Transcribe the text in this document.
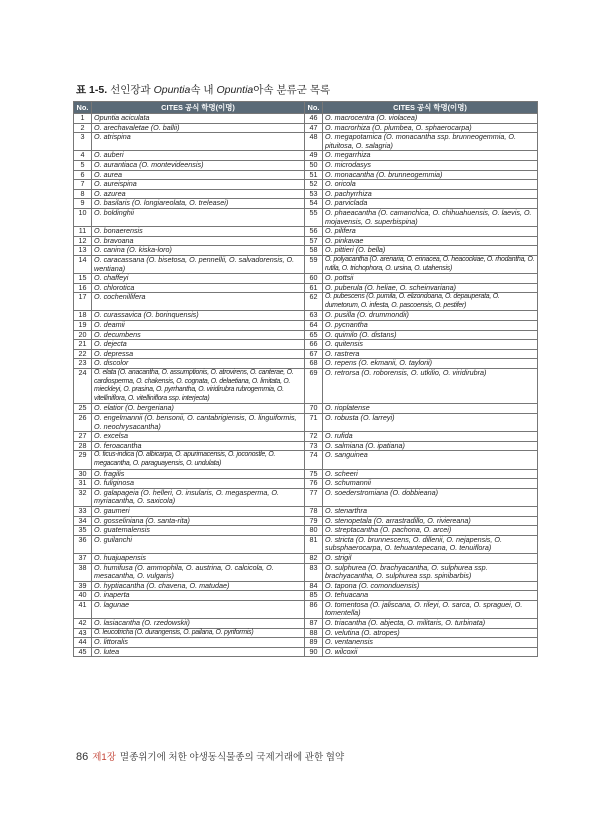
표 1-5. 선인장과 Opuntia속 내 Opuntia아속 분류군 목록
No.	CITES 공식 학명(이명)	No.	CITES 공식 학명(이명)
1	Opuntia aciculata	46	O. macrocentra (O. violacea)
2	O. arechavaletae (O. ballii)	47	O. macrorhiza (O. plumbea, O. sphaerocarpa)
3	O. atrispina	48	O. megapotamica (O. monacantha ssp. brunneogemmia, O. pituitosa, O. salagria)
4	O. auberi	49	O. megarrhiza
5	O. aurantiaca (O. montevideensis)	50	O. microdasys
6	O. aurea	51	O. monacantha (O. brunneogemmia)
7	O. aureispina	52	O. oricola
8	O. azurea	53	O. pachyrrhiza
9	O. basilaris (O. longiareolata, O. treleasei)	54	O. parviclada
10	O. boldinghii	55	O. phaeacantha (O. camanchica, O. chihuahuensis, O. laevis, O. mojavensis, O. superbispina)
11	O. bonaerensis	56	O. pilifera
12	O. bravoana	57	O. pinkavae
13	O. canina (O. kiska-loro)	58	O. pittieri (O. bella)
14	O. caracassana (O. bisetosa, O. pennellii, O. salvadorensis, O. wentiana)	59	O. polyacantha (O. arenaria, O. erinacea, O. heacockiae, O. rhodantha, O. rutila, O. trichophora, O. ursina, O. utahensis)
15	O. chaffeyi	60	O. pottsii
16	O. chlorotica	61	O. puberula (O. heliae, O. scheinvariana)
17	O. cochenillifera	62	O. pubescens (O. pumila, O. elizondoana, O. depauperata, O. dumetorum, O. infesta, O. pascoensis, O. pestifer)
18	O. curassavica (O. borinquensis)	63	O. pusilla (O. drummondii)
19	O. deamii	64	O. pycnantha
20	O. decumbens	65	O. quimilo (O. distans)
21	O. dejecta	66	O. quitensis
22	O. depressa	67	O. rastrera
23	O. discolor	68	O. repens (O. ekmanii, O. taylorii)
24	O. elata (O. anacantha, O. assumptionis, O. atrovirens, O. canterae, O. cardiosperma, O. chakensis, O. cognata, O. delaetiana, O. limitata, O. mieckleyi, O. prasina, O. pyrrhantha, O. viridirubra rubrogemmia, O. vitelliniflora, O. vitelliniflora ssp. interjecta)	69	O. retrorsa (O. roborensis, O. utkilio, O. viridirubra)
25	O. elatior (O. bergeriana)	70	O. rioplatense
26	O. engelmannii (O. bensonii, O. cantabrigiensis, O. linguiformis, O. neochrysacantha)	71	O. robusta (O. larreyi)
27	O. excelsa	72	O. rufida
28	O. feroacantha	73	O. salmiana (O. ipatiana)
29	O. ficus-indica (O. albicarpa, O. apurimacensis, O. joconostle, O. megacantha, O. paraguayensis, O. undulata)	74	O. sanguinea
30	O. fragilis	75	O. scheeri
31	O. fuliginosa	76	O. schumannii
32	O. galapageia (O. helleri, O. insularis, O. megasperma, O. myriacantha, O. saxicola)	77	O. soederstromiana (O. dobbieana)
33	O. gaumeri	78	O. stenarthra
34	O. gosseliniana (O. santa-rita)	79	O. stenopetala (O. arrastradillo, O. riviereana)
35	O. guatemalensis	80	O. streptacantha (O. pachona, O. arcei)
36	O. guilanchi	81	O. stricta (O. brunnescens, O. dillenii, O. nejapensis, O. subsphaerocarpa, O. tehuantepecana, O. tenuiflora)
37	O. huajuapensis	82	O. strigil
38	O. humifusa (O. ammophila, O. austrina, O. calcicola, O. mesacantha, O. vulgaris)	83	O. sulphurea (O. brachyacantha, O. sulphurea ssp. brachyacantha, O. sulphurea ssp. spinibarbis)
39	O. hyptiacantha (O. chavena, O. matudae)	84	O. tapona (O. comonduensis)
40	O. inaperta	85	O. tehuacana
41	O. lagunae	86	O. tomentosa (O. jaliscana, O. rileyi, O. sarca, O. spraguei, O. tomentella)
42	O. lasiacantha (O. rzedowskii)	87	O. triacantha (O. abjecta, O. militaris, O. turbinata)
43	O. leucotricha (O. durangensis, O. pailana, O. pyriformis)	88	O. velutina (O. atropes)
44	O. littoralis	89	O. ventanensis
45	O. lutea	90	O. wilcoxii
86 제1장 멸종위기에 처한 야생동식물종의 국제거래에 관한 협약
